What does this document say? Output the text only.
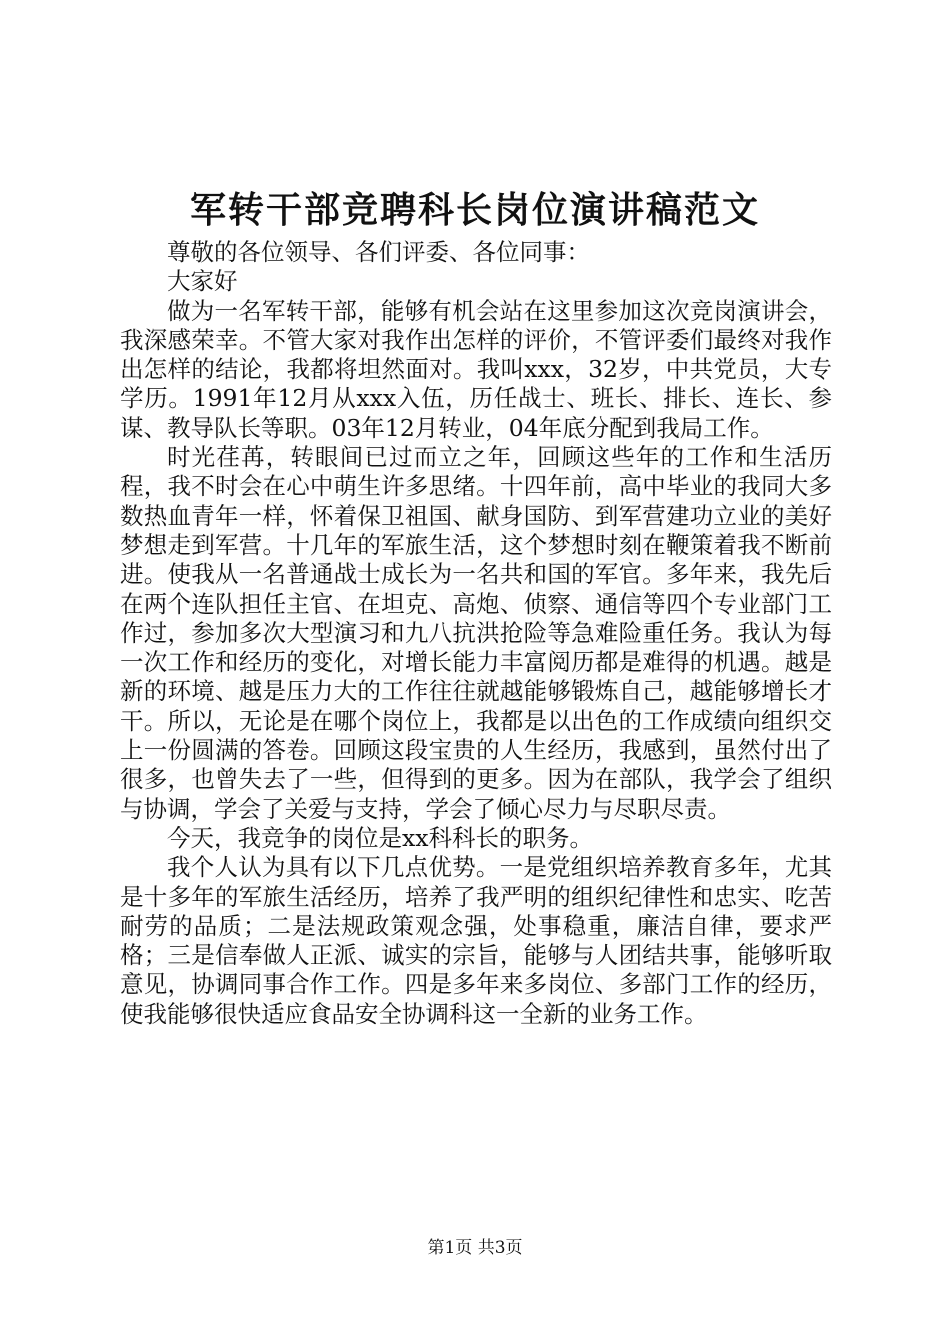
军转干部竞聘科长岗位演讲稿范文

尊敬的各位领导、各们评委、各位同事：

大家好

做为一名军转干部，能够有机会站在这里参加这次竞岗演讲会，我深感荣幸。不管大家对我作出怎样的评价，不管评委们最终对我作出怎样的结论，我都将坦然面对。我叫xxx，32岁，中共党员，大专学历。1991年12月从xxx入伍，历任战士、班长、排长、连长、参谋、教导队长等职。03年12月转业，04年底分配到我局工作。

时光荏苒，转眼间已过而立之年，回顾这些年的工作和生活历程，我不时会在心中萌生许多思绪。十四年前，高中毕业的我同大多数热血青年一样，怀着保卫祖国、献身国防、到军营建功立业的美好梦想走到军营。十几年的军旅生活，这个梦想时刻在鞭策着我不断前进。使我从一名普通战士成长为一名共和国的军官。多年来，我先后在两个连队担任主官、在坦克、高炮、侦察、通信等四个专业部门工作过，参加多次大型演习和九八抗洪抢险等急难险重任务。我认为每一次工作和经历的变化，对增长能力丰富阅历都是难得的机遇。越是新的环境、越是压力大的工作往往就越能够锻炼自己，越能够增长才干。所以，无论是在哪个岗位上，我都是以出色的工作成绩向组织交上一份圆满的答卷。回顾这段宝贵的人生经历，我感到，虽然付出了很多，也曾失去了一些，但得到的更多。因为在部队，我学会了组织与协调，学会了关爱与支持，学会了倾心尽力与尽职尽责。

今天，我竞争的岗位是xx科科长的职务。

我个人认为具有以下几点优势。一是党组织培养教育多年，尤其是十多年的军旅生活经历，培养了我严明的组织纪律性和忠实、吃苦耐劳的品质；二是法规政策观念强，处事稳重，廉洁自律，要求严格；三是信奉做人正派、诚实的宗旨，能够与人团结共事，能够听取意见，协调同事合作工作。四是多年来多岗位、多部门工作的经历，使我能够很快适应食品安全协调科这一全新的业务工作。

第1页 共3页
